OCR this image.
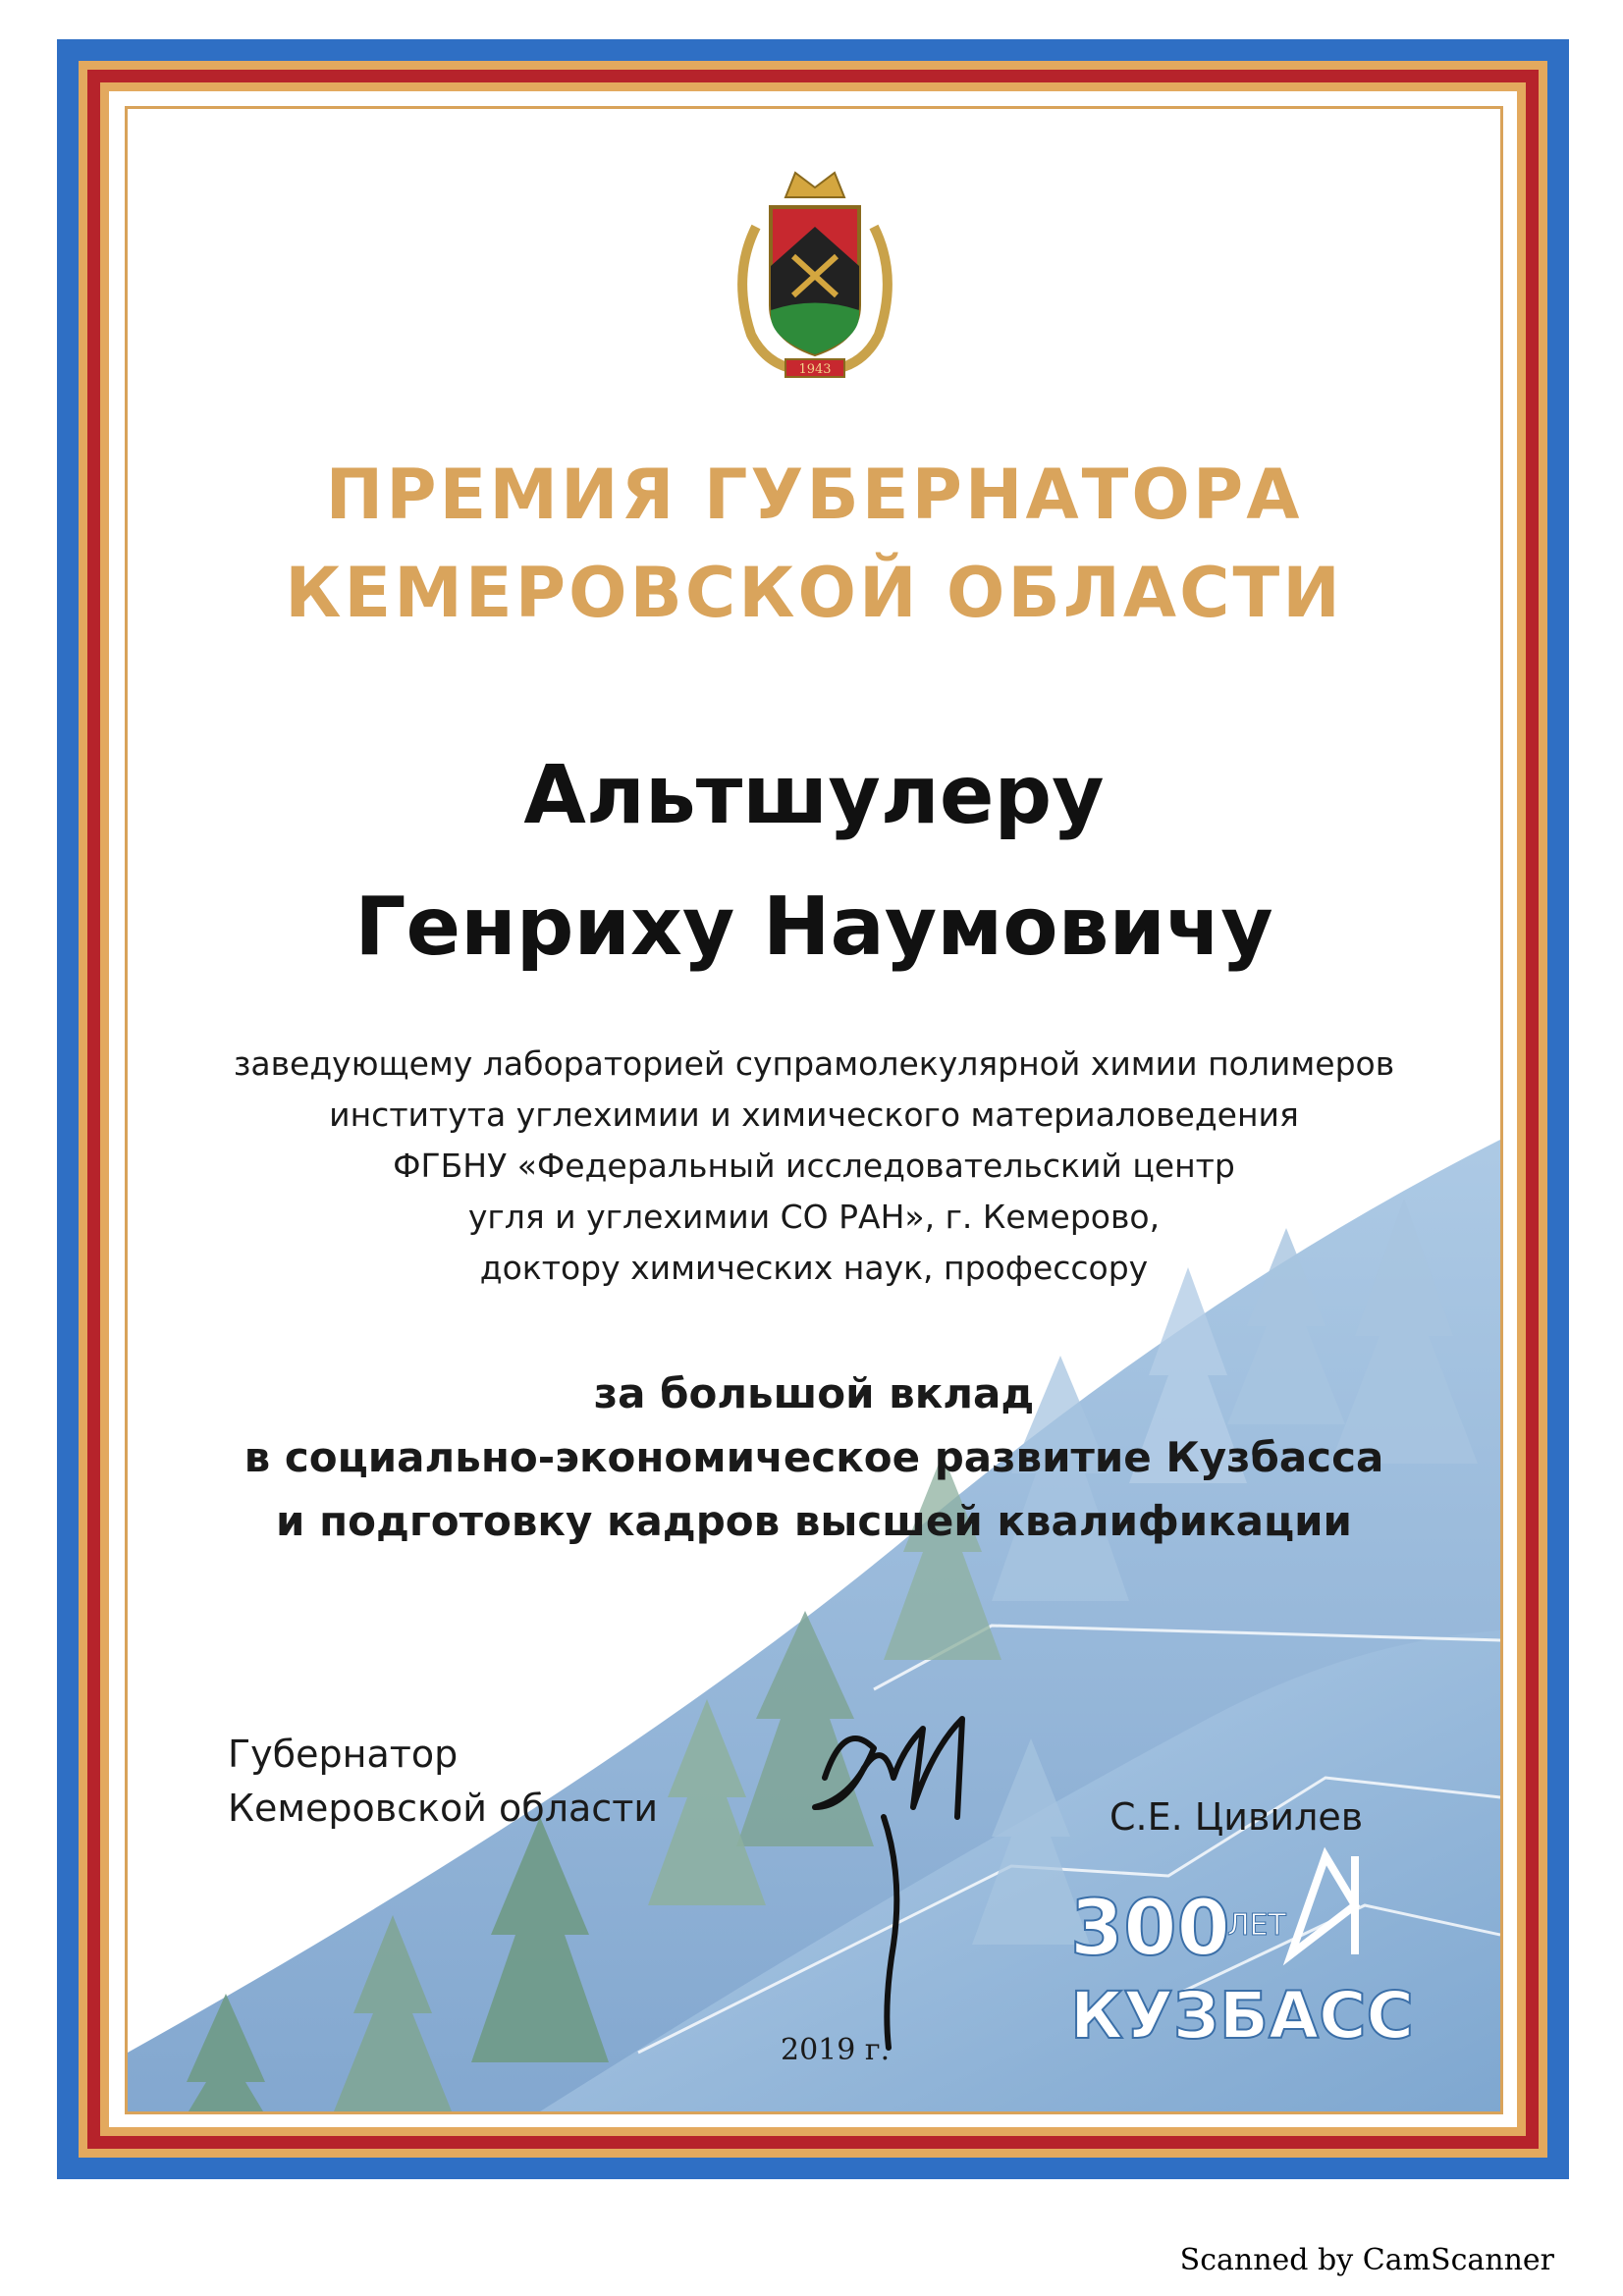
1943
ПРЕМИЯ ГУБЕРНАТОРА
КЕМЕРОВСКОЙ ОБЛАСТИ
Альтшулеру
Генриху Наумовичу
заведующему лабораторией супрамолекулярной химии полимеров
института углехимии и химического материаловедения
ФГБНУ «Федеральный исследовательский центр
угля и углехимии СО РАН», г. Кемерово,
доктору химических наук, профессору
за большой вклад
в социально-экономическое развитие Кузбасса
и подготовку кадров высшей квалификации
Губернатор
Кемеровской области	С.Е. Цивилев
2019 г.
300
ЛЕТ
КУЗБАСС
Scanned by CamScanner
